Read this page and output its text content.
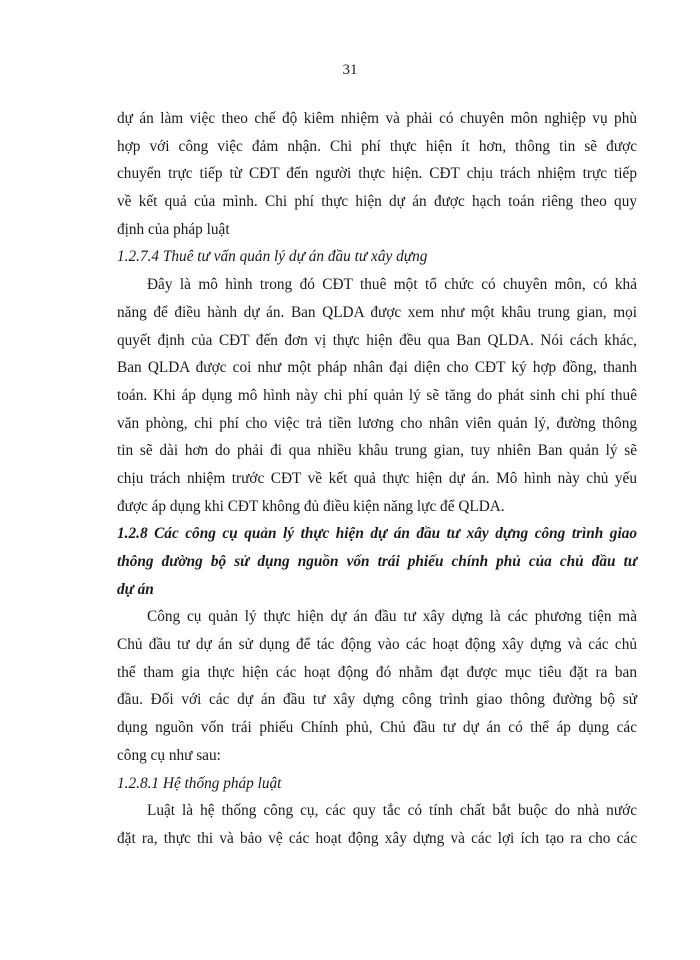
31
dự án làm việc theo chế độ kiêm nhiệm và phải có chuyên môn nghiệp vụ phù
hợp với công việc đảm nhận. Chi phí thực hiện ít hơn, thông tin sẽ được
chuyển trực tiếp từ CĐT đến người thực hiện. CĐT chịu trách nhiệm trực tiếp
về kết quả của mình. Chi phí thực hiện dự án được hạch toán riêng theo quy
định của pháp luật
1.2.7.4 Thuê tư vấn quản lý dự án đầu tư xây dựng
Đây là mô hình trong đó CĐT thuê một tổ chức có chuyên môn, có khả
năng để điều hành dự án. Ban QLDA được xem như một khâu trung gian, mọi
quyết định của CĐT đến đơn vị thực hiện đều qua Ban QLDA. Nói cách khác,
Ban QLDA được coi như một pháp nhân đại diện cho CĐT ký hợp đồng, thanh
toán. Khi áp dụng mô hình này chi phí quản lý sẽ tăng do phát sinh chi phí thuê
văn phòng, chi phí cho việc trả tiền lương cho nhân viên quản lý, đường thông
tin sẽ dài hơn do phải đi qua nhiều khâu trung gian, tuy nhiên Ban quản lý sẽ
chịu trách nhiệm trước CĐT về kết quả thực hiện dự án. Mô hình này chủ yếu
được áp dụng khi CĐT không đủ điều kiện năng lực để QLDA.
1.2.8 Các công cụ quản lý thực hiện dự án đầu tư xây dựng công trình giao
thông đường bộ sử dụng nguồn vốn trái phiếu chính phủ của chủ đầu tư
dự án
Công cụ quản lý thực hiện dự án đầu tư xây dựng là các phương tiện mà
Chủ đầu tư dự án sử dụng để tác động vào các hoạt động xây dựng và các chủ
thể tham gia thực hiện các hoạt động đó nhằm đạt được mục tiêu đặt ra ban
đầu. Đối với các dự án đầu tư xây dựng công trình giao thông đường bộ sử
dụng nguồn vốn trái phiếu Chính phủ, Chủ đầu tư dự án có thể áp dụng các
công cụ như sau:
1.2.8.1 Hệ thống pháp luật
Luật là hệ thống công cụ, các quy tắc có tính chất bắt buộc do nhà nước
đặt ra, thực thi và bảo vệ các hoạt động xây dựng và các lợi ích tạo ra cho các
